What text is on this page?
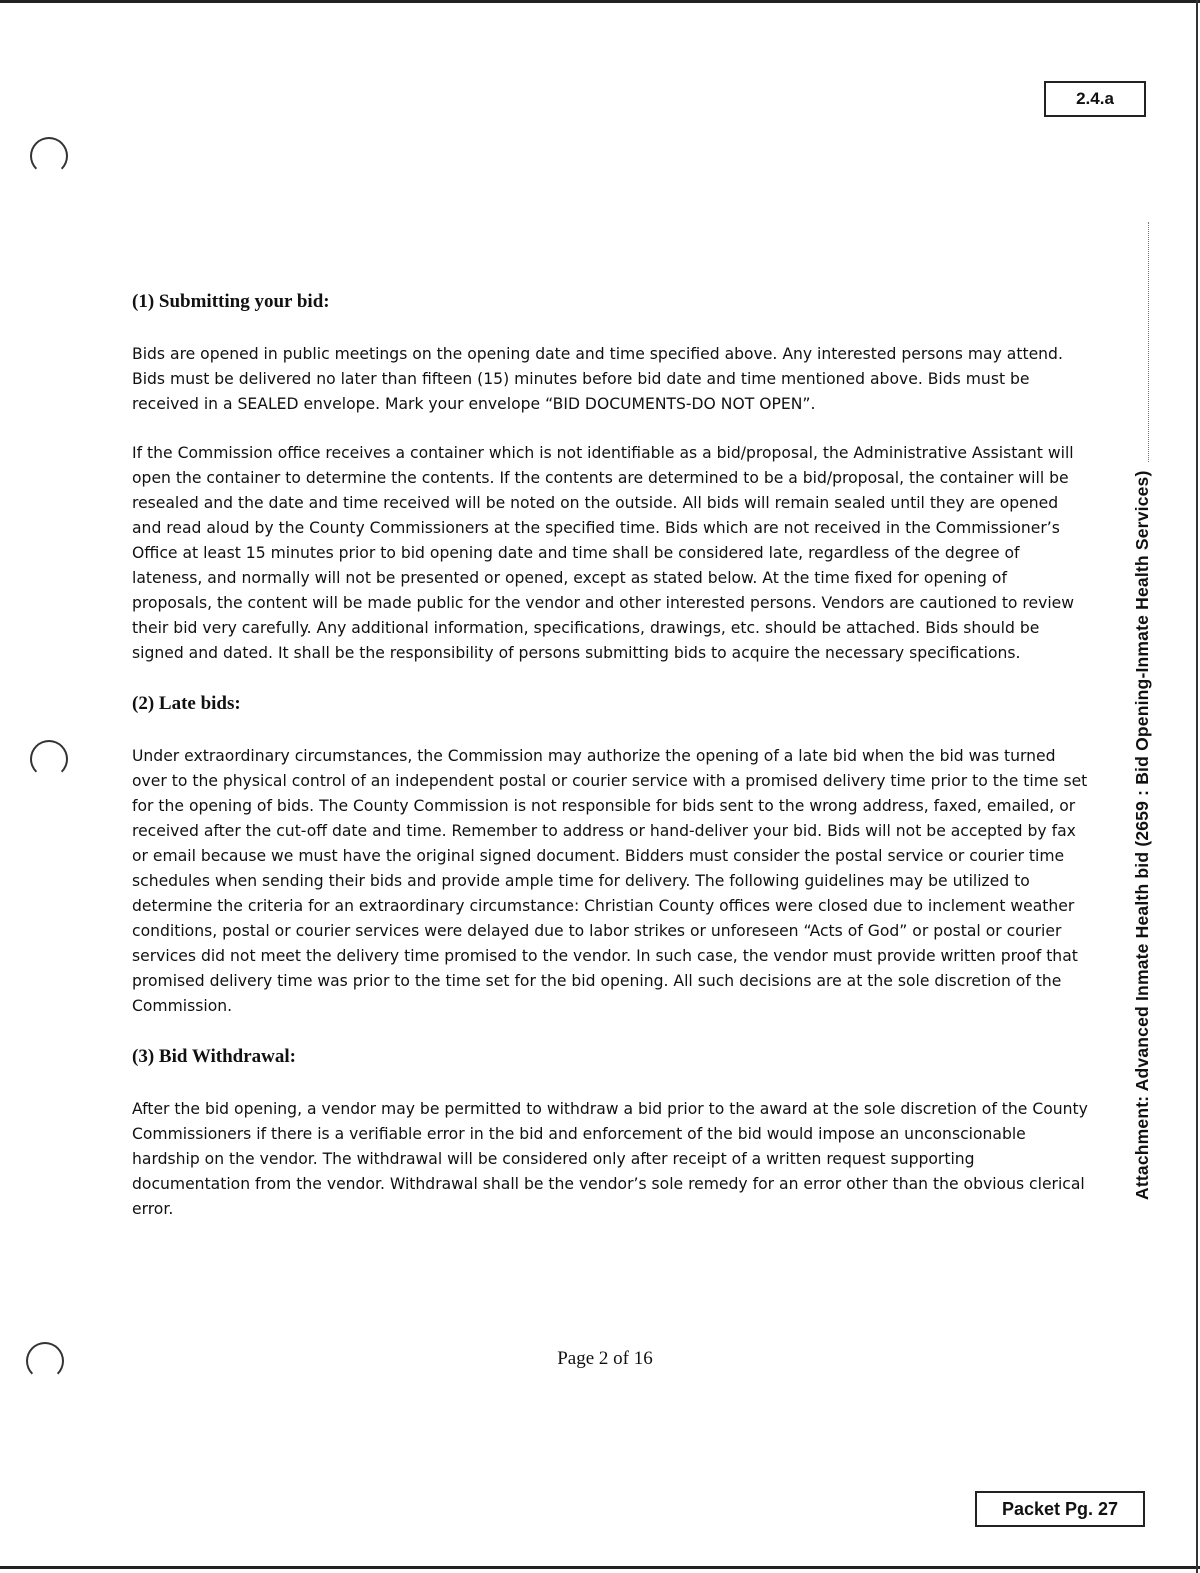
2.4.a
Attachment: Advanced Inmate Health bid (2659 : Bid Opening-Inmate Health Services)
(1) Submitting your bid:

Bids are opened in public meetings on the opening date and time specified above. Any interested persons may attend. Bids must be delivered no later than fifteen (15) minutes before bid date and time mentioned above. Bids must be received in a SEALED envelope. Mark your envelope “BID DOCUMENTS-DO NOT OPEN”.

If the Commission office receives a container which is not identifiable as a bid/proposal, the Administrative Assistant will open the container to determine the contents. If the contents are determined to be a bid/proposal, the container will be resealed and the date and time received will be noted on the outside. All bids will remain sealed until they are opened and read aloud by the County Commissioners at the specified time. Bids which are not received in the Commissioner’s Office at least 15 minutes prior to bid opening date and time shall be considered late, regardless of the degree of lateness, and normally will not be presented or opened, except as stated below. At the time fixed for opening of proposals, the content will be made public for the vendor and other interested persons. Vendors are cautioned to review their bid very carefully. Any additional information, specifications, drawings, etc. should be attached. Bids should be signed and dated. It shall be the responsibility of persons submitting bids to acquire the necessary specifications.

(2) Late bids:

Under extraordinary circumstances, the Commission may authorize the opening of a late bid when the bid was turned over to the physical control of an independent postal or courier service with a promised delivery time prior to the time set for the opening of bids. The County Commission is not responsible for bids sent to the wrong address, faxed, emailed, or received after the cut-off date and time. Remember to address or hand-deliver your bid. Bids will not be accepted by fax or email because we must have the original signed document. Bidders must consider the postal service or courier time schedules when sending their bids and provide ample time for delivery. The following guidelines may be utilized to determine the criteria for an extraordinary circumstance: Christian County offices were closed due to inclement weather conditions, postal or courier services were delayed due to labor strikes or unforeseen “Acts of God” or postal or courier services did not meet the delivery time promised to the vendor. In such case, the vendor must provide written proof that promised delivery time was prior to the time set for the bid opening. All such decisions are at the sole discretion of the Commission.

(3) Bid Withdrawal:

After the bid opening, a vendor may be permitted to withdraw a bid prior to the award at the sole discretion of the County Commissioners if there is a verifiable error in the bid and enforcement of the bid would impose an unconscionable hardship on the vendor. The withdrawal will be considered only after receipt of a written request supporting documentation from the vendor. Withdrawal shall be the vendor’s sole remedy for an error other than the obvious clerical error.

Page 2 of 16
Packet Pg. 27
